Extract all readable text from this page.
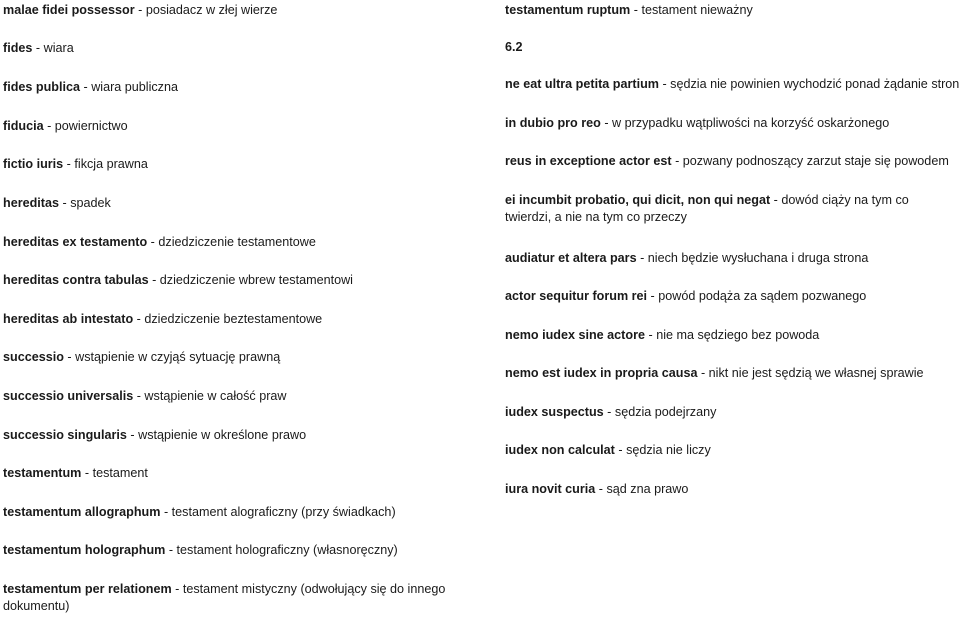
malae fidei possessor - posiadacz w złej wierze
fides - wiara
fides publica - wiara publiczna
fiducia - powiernictwo
fictio iuris - fikcja prawna
hereditas - spadek
hereditas ex testamento - dziedziczenie testamentowe
hereditas contra tabulas - dziedziczenie wbrew testamentowi
hereditas ab intestato - dziedziczenie beztestamentowe
successio - wstąpienie w czyjąś sytuację prawną
successio universalis - wstąpienie w całość praw
successio singularis - wstąpienie w określone prawo
testamentum - testament
testamentum allographum - testament alograficzny (przy świadkach)
testamentum holographum - testament holograficzny (własnoręczny)
testamentum per relationem - testament mistyczny (odwołujący się do innego dokumentu)
testamentum ruptum - testament nieważny
6.2
ne eat ultra petita partium - sędzia nie powinien wychodzić ponad żądanie stron
in dubio pro reo - w przypadku wątpliwości na korzyść oskarżonego
reus in exceptione actor est - pozwany podnoszący zarzut staje się powodem
ei incumbit probatio, qui dicit, non qui negat - dowód ciąży na tym co twierdzi, a nie na tym co przeczy
audiatur et altera pars - niech będzie wysłuchana i druga strona
actor sequitur forum rei - powód podąża za sądem pozwanego
nemo iudex sine actore - nie ma sędziego bez powoda
nemo est iudex in propria causa - nikt nie jest sędzią we własnej sprawie
iudex suspectus - sędzia podejrzany
iudex non calculat - sędzia nie liczy
iura novit curia - sąd zna prawo
